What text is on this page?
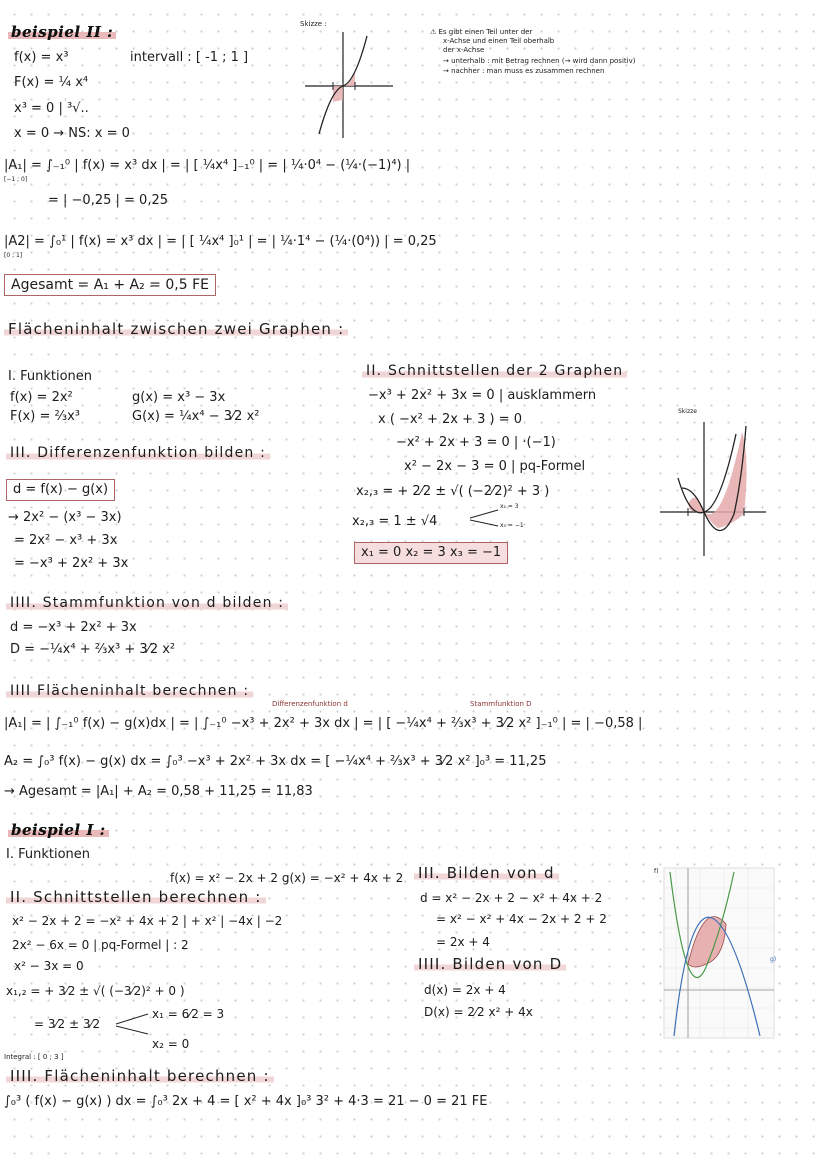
beispiel II :
f(x) = x³	intervall : [ -1 ; 1 ]
F(x) = ¼ x⁴
x³ = 0 | ³√..
x = 0 → NS: x = 0
Skizze :
⚠ Es gibt einen Teil unter der
x-Achse und einen Teil oberhalb
der x-Achse
→ unterhalb : mit Betrag rechnen (→ wird dann positiv)
→ nachher : man muss es zusammen rechnen
|A₁| = ∫₋₁⁰ | f(x) = x³ dx | = | [ ¼x⁴ ]₋₁⁰ | = | ¼·0⁴ − (¼·(−1)⁴) |
[−1 ; 0]
= | −0,25 | = 0,25
|A2| = ∫₀¹ | f(x) = x³ dx | = | [ ¼x⁴ ]₀¹ | = | ¼·1⁴ − (¼·(0⁴)) | = 0,25
[0 ; 1]
Agesamt = A₁ + A₂ = 0,5 FE
Flächeninhalt zwischen zwei Graphen :
I. Funktionen
f(x) = 2x²	g(x) = x³ − 3x
F(x) = ⅔x³	G(x) = ¼x⁴ − 3⁄2 x²
III. Differenzenfunktion bilden :
d = f(x) − g(x)
→ 2x² − (x³ − 3x)
= 2x² − x³ + 3x
= −x³ + 2x² + 3x
II. Schnittstellen der 2 Graphen
−x³ + 2x² + 3x = 0 | ausklammern
x ( −x² + 2x + 3 ) = 0
−x² + 2x + 3 = 0 | ·(−1)
x² − 2x − 3 = 0 | pq-Formel
x₂,₃ = + 2⁄2 ± √( (−2⁄2)² + 3 )
x₂,₃ = 1 ± √4
x₂ = 3
x₃ = −1
x₁ = 0 x₂ = 3 x₃ = −1
Skizze
IIII. Stammfunktion von d bilden :
d = −x³ + 2x² + 3x
D = −¼x⁴ + ⅔x³ + 3⁄2 x²
IIII Flächeninhalt berechnen :
Differenzenfunktion d	Stammfunktion D
|A₁| = | ∫₋₁⁰ f(x) − g(x)dx | = | ∫₋₁⁰ −x³ + 2x² + 3x dx | = | [ −¼x⁴ + ⅔x³ + 3⁄2 x² ]₋₁⁰ | = | −0,58 |
A₂ = ∫₀³ f(x) − g(x) dx = ∫₀³ −x³ + 2x² + 3x dx = [ −¼x⁴ + ⅔x³ + 3⁄2 x² ]₀³ = 11,25
→ Agesamt = |A₁| + A₂ = 0,58 + 11,25 = 11,83
beispiel I :
I. Funktionen
f(x) = x² − 2x + 2 g(x) = −x² + 4x + 2
II. Schnittstellen berechnen :
x² − 2x + 2 = −x² + 4x + 2 | + x² | −4x | −2
2x² − 6x = 0 | pq-Formel | : 2
x² − 3x = 0
x₁,₂ = + 3⁄2 ± √( (−3⁄2)² + 0 )
= 3⁄2 ± 3⁄2
x₁ = 6⁄2 = 3
x₂ = 0
Integral : [ 0 ; 3 ]
III. Bilden von d
d = x² − 2x + 2 − x² + 4x + 2
= x² − x² + 4x − 2x + 2 + 2
= 2x + 4
IIII. Bilden von D
d(x) = 2x + 4
D(x) = 2⁄2 x² + 4x
f)
g)
IIII. Flächeninhalt berechnen :
∫₀³ ( f(x) − g(x) ) dx = ∫₀³ 2x + 4 = [ x² + 4x ]₀³ 3² + 4·3 = 21 − 0 = 21 FE
